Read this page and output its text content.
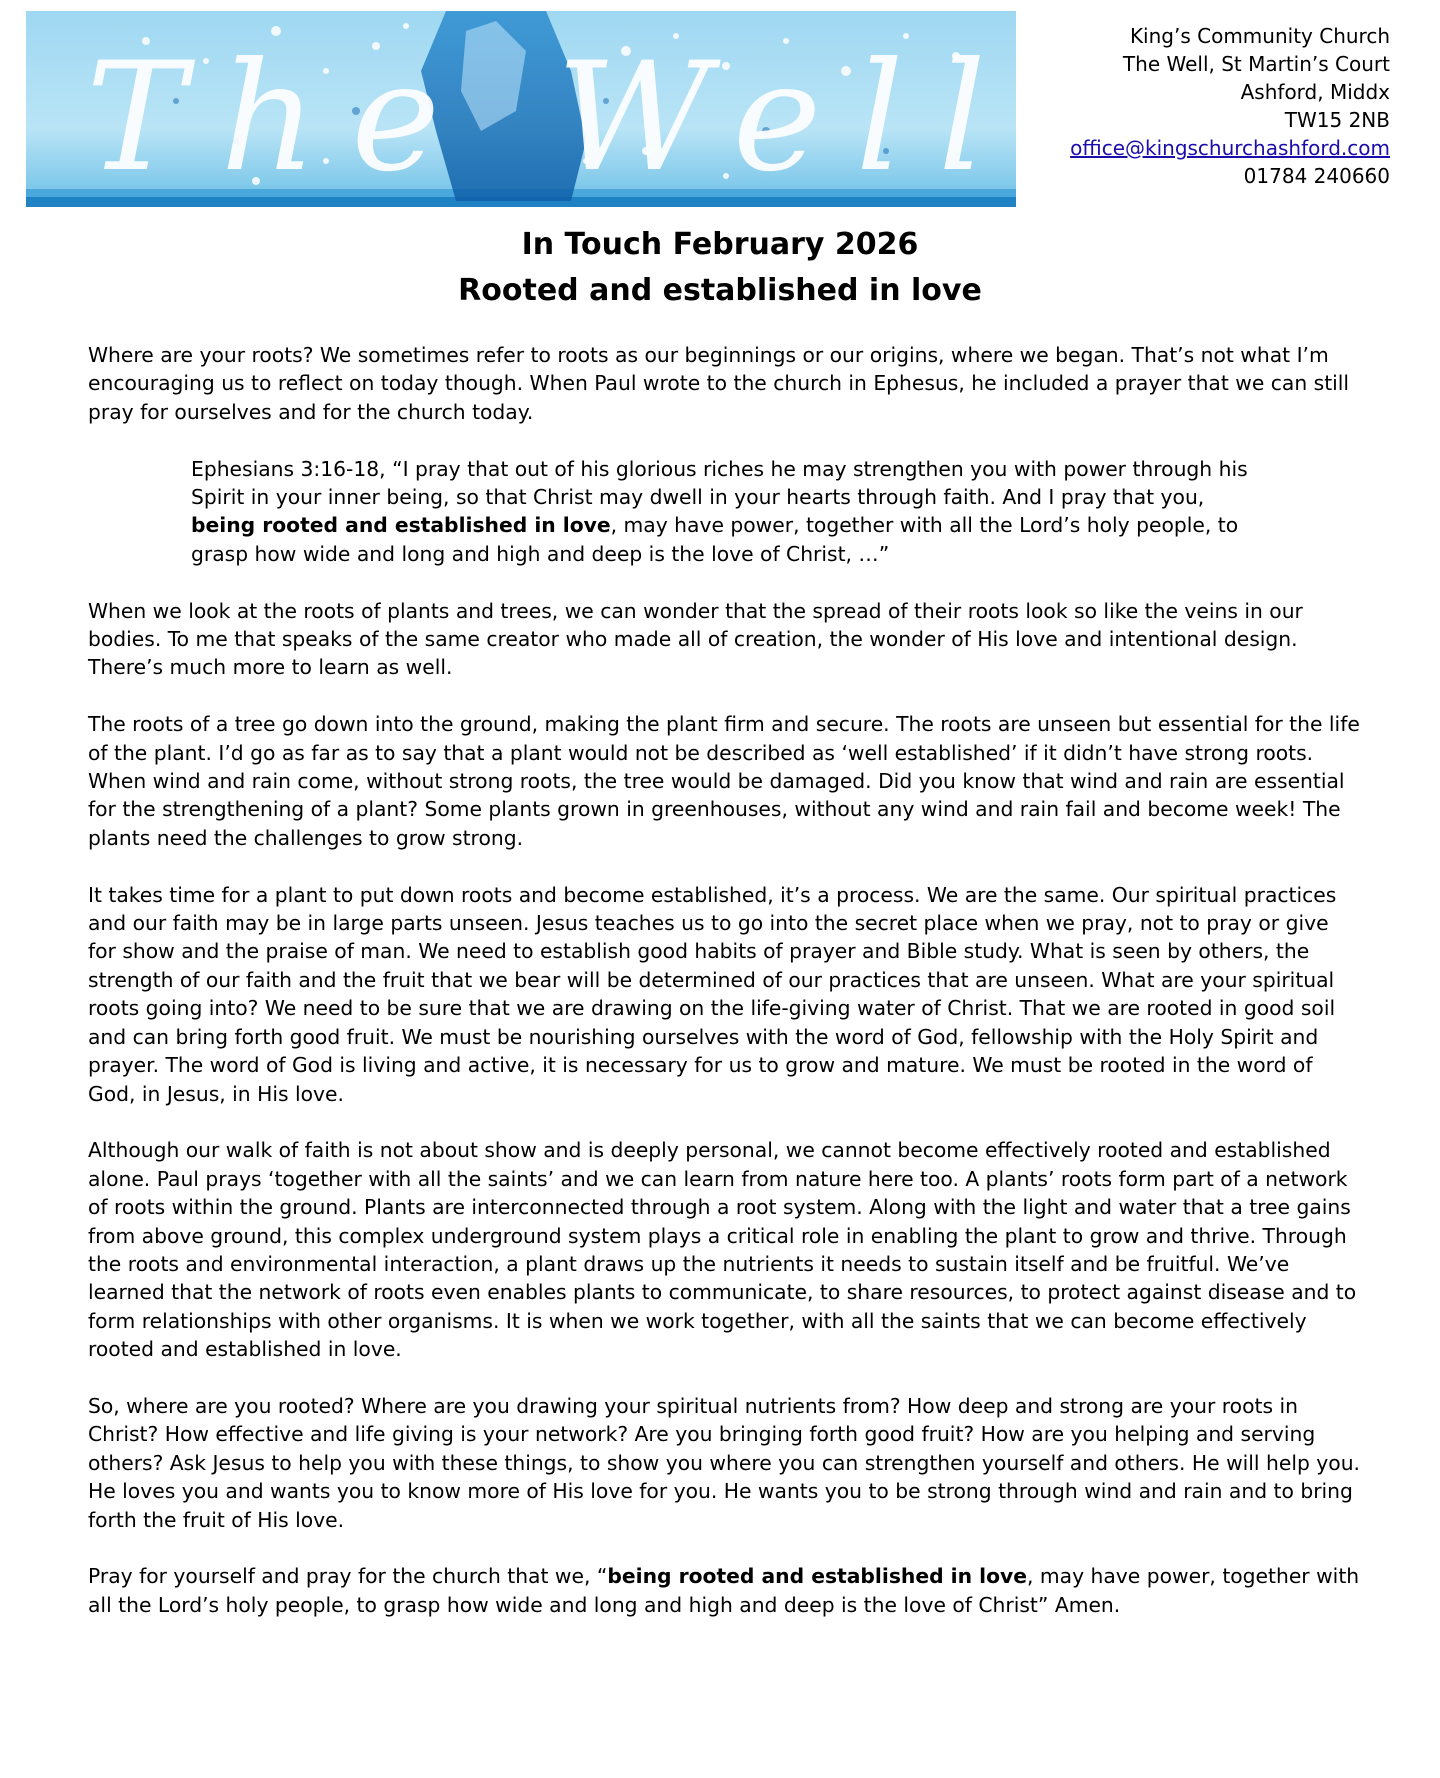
The Well	King’s Community Church
The Well, St Martin’s Court
Ashford, Middx
TW15 2NB
office@kingschurchashford.com
01784 240660
In Touch February 2026
Rooted and established in love

Where are your roots? We sometimes refer to roots as our beginnings or our origins, where we began. That’s not what I’m encouraging us to reflect on today though. When Paul wrote to the church in Ephesus, he included a prayer that we can still pray for ourselves and for the church today.

Ephesians 3:16-18, “I pray that out of his glorious riches he may strengthen you with power through his Spirit in your inner being, so that Christ may dwell in your hearts through faith. And I pray that you, being rooted and established in love, may have power, together with all the Lord’s holy people, to grasp how wide and long and high and deep is the love of Christ, …”

When we look at the roots of plants and trees, we can wonder that the spread of their roots look so like the veins in our bodies. To me that speaks of the same creator who made all of creation, the wonder of His love and intentional design. There’s much more to learn as well.

The roots of a tree go down into the ground, making the plant firm and secure. The roots are unseen but essential for the life of the plant. I’d go as far as to say that a plant would not be described as ‘well established’ if it didn’t have strong roots. When wind and rain come, without strong roots, the tree would be damaged. Did you know that wind and rain are essential for the strengthening of a plant? Some plants grown in greenhouses, without any wind and rain fail and become week! The plants need the challenges to grow strong.

It takes time for a plant to put down roots and become established, it’s a process. We are the same. Our spiritual practices and our faith may be in large parts unseen. Jesus teaches us to go into the secret place when we pray, not to pray or give for show and the praise of man. We need to establish good habits of prayer and Bible study. What is seen by others, the strength of our faith and the fruit that we bear will be determined of our practices that are unseen. What are your spiritual roots going into? We need to be sure that we are drawing on the life-giving water of Christ. That we are rooted in good soil and can bring forth good fruit. We must be nourishing ourselves with the word of God, fellowship with the Holy Spirit and prayer. The word of God is living and active, it is necessary for us to grow and mature. We must be rooted in the word of God, in Jesus, in His love.

Although our walk of faith is not about show and is deeply personal, we cannot become effectively rooted and established alone. Paul prays ‘together with all the saints’ and we can learn from nature here too. A plants’ roots form part of a network of roots within the ground. Plants are interconnected through a root system. Along with the light and water that a tree gains from above ground, this complex underground system plays a critical role in enabling the plant to grow and thrive. Through the roots and environmental interaction, a plant draws up the nutrients it needs to sustain itself and be fruitful. We’ve learned that the network of roots even enables plants to communicate, to share resources, to protect against disease and to form relationships with other organisms. It is when we work together, with all the saints that we can become effectively rooted and established in love.

So, where are you rooted? Where are you drawing your spiritual nutrients from? How deep and strong are your roots in Christ? How effective and life giving is your network? Are you bringing forth good fruit? How are you helping and serving others? Ask Jesus to help you with these things, to show you where you can strengthen yourself and others. He will help you. He loves you and wants you to know more of His love for you. He wants you to be strong through wind and rain and to bring forth the fruit of His love.

Pray for yourself and pray for the church that we, “being rooted and established in love, may have power, together with all the Lord’s holy people, to grasp how wide and long and high and deep is the love of Christ” Amen.
